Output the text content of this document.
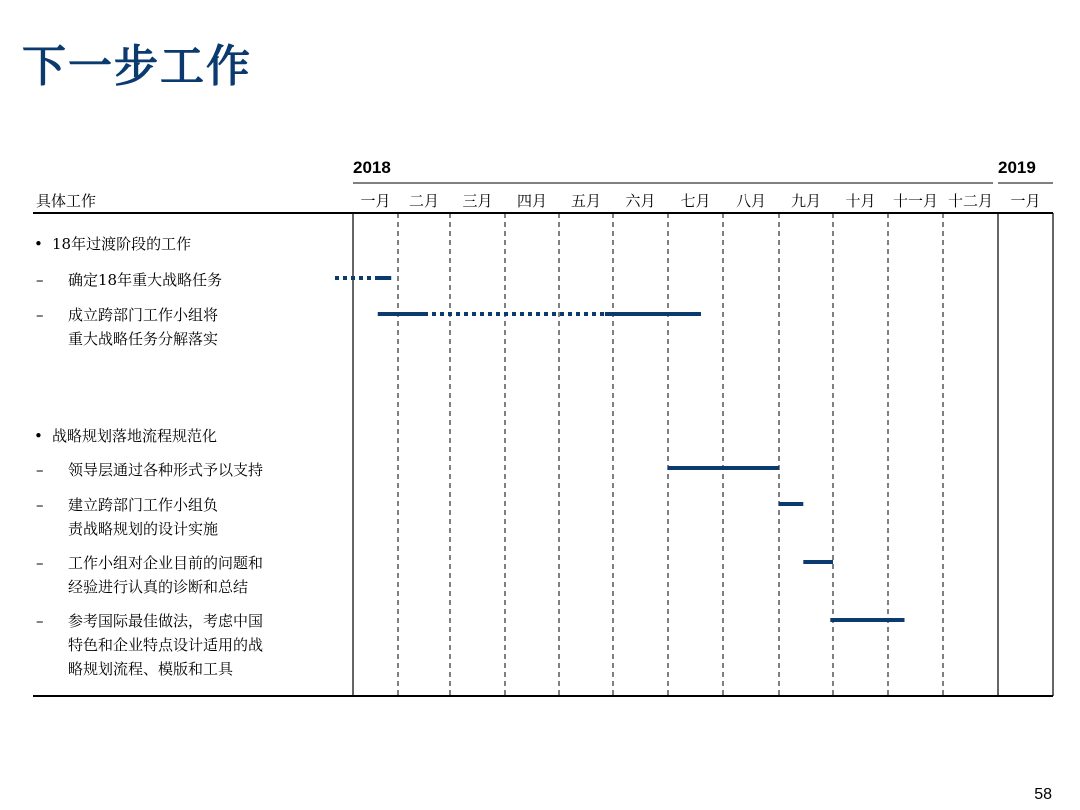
下一步工作
具体工作
2018	2019
一月 二月 三月 四月 五月 六月 七月 八月 九月 十月 十一月 十二月 一月
• 18年过渡阶段的工作
– 确定18年重大战略任务
– 成立跨部门工作小组将
重大战略任务分解落实
• 战略规划落地流程规范化
– 领导层通过各种形式予以支持
– 建立跨部门工作小组负
责战略规划的设计实施
– 工作小组对企业目前的问题和
经验进行认真的诊断和总结
– 参考国际最佳做法，考虑中国
特色和企业特点设计适用的战
略规划流程、模版和工具
58
